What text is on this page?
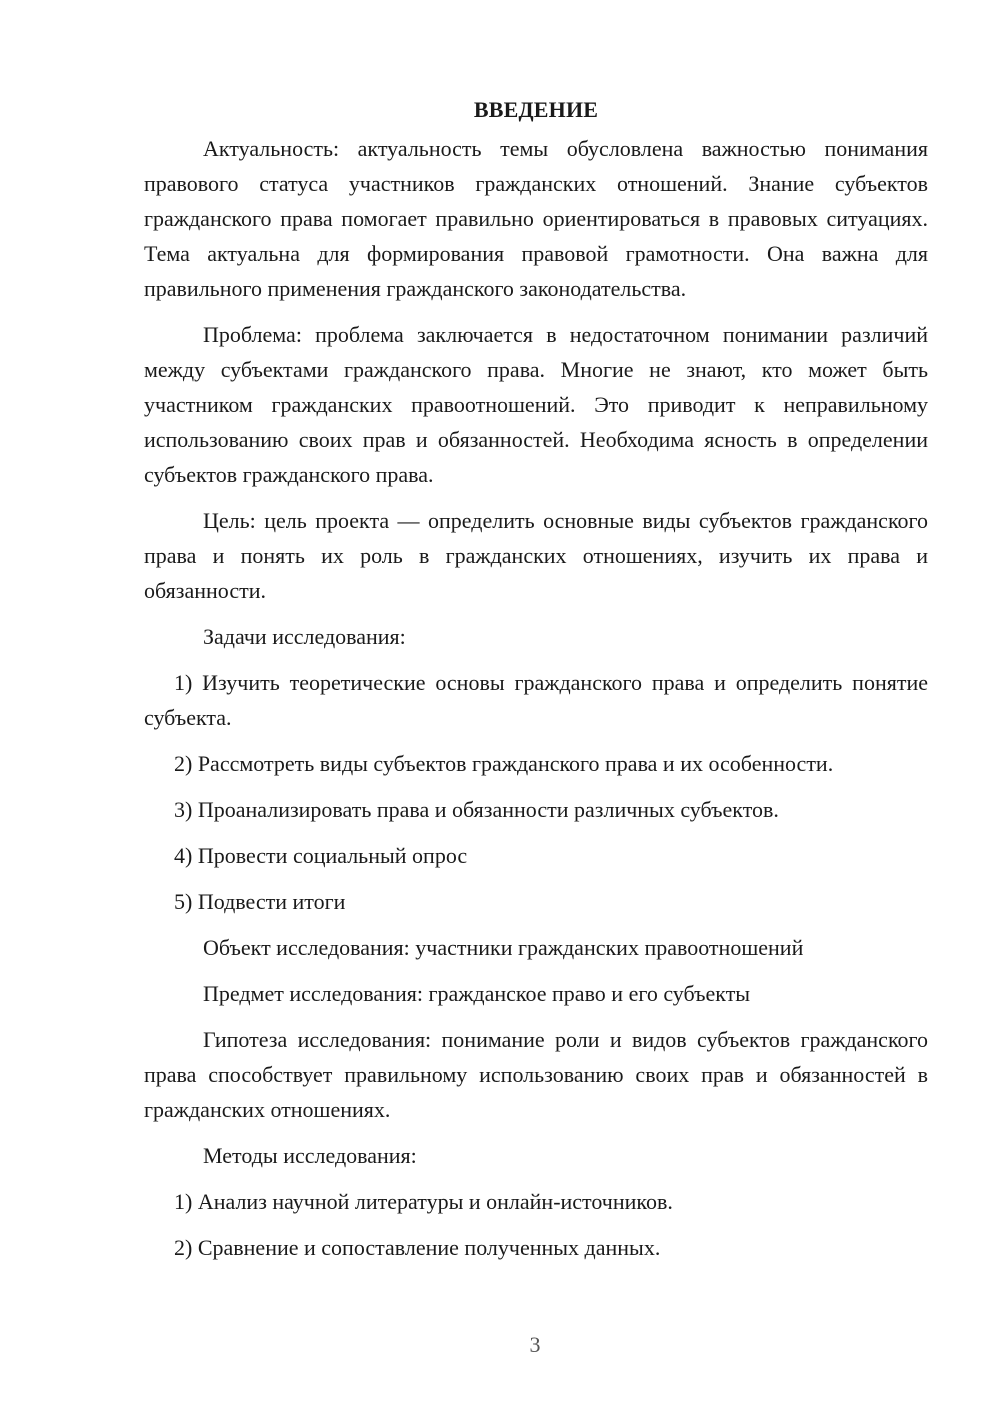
ВВЕДЕНИЕ

Актуальность: актуальность темы обусловлена важностью понимания правового статуса участников гражданских отношений. Знание субъектов гражданского права помогает правильно ориентироваться в правовых ситуациях. Тема актуальна для формирования правовой грамотности. Она важна для правильного применения гражданского законодательства.

Проблема: проблема заключается в недостаточном понимании различий между субъектами гражданского права. Многие не знают, кто может быть участником гражданских правоотношений. Это приводит к неправильному использованию своих прав и обязанностей. Необходима ясность в определении субъектов гражданского права.

Цель: цель проекта — определить основные виды субъектов гражданского права и понять их роль в гражданских отношениях, изучить их права и обязанности.

Задачи исследования:

1) Изучить теоретические основы гражданского права и определить понятие субъекта.

2) Рассмотреть виды субъектов гражданского права и их особенности.

3) Проанализировать права и обязанности различных субъектов.

4) Провести социальный опрос

5) Подвести итоги

Объект исследования: участники гражданских правоотношений

Предмет исследования: гражданское право и его субъекты

Гипотеза исследования: понимание роли и видов субъектов гражданского права способствует правильному использованию своих прав и обязанностей в гражданских отношениях.

Методы исследования:

1) Анализ научной литературы и онлайн-источников.

2) Сравнение и сопоставление полученных данных.

3
